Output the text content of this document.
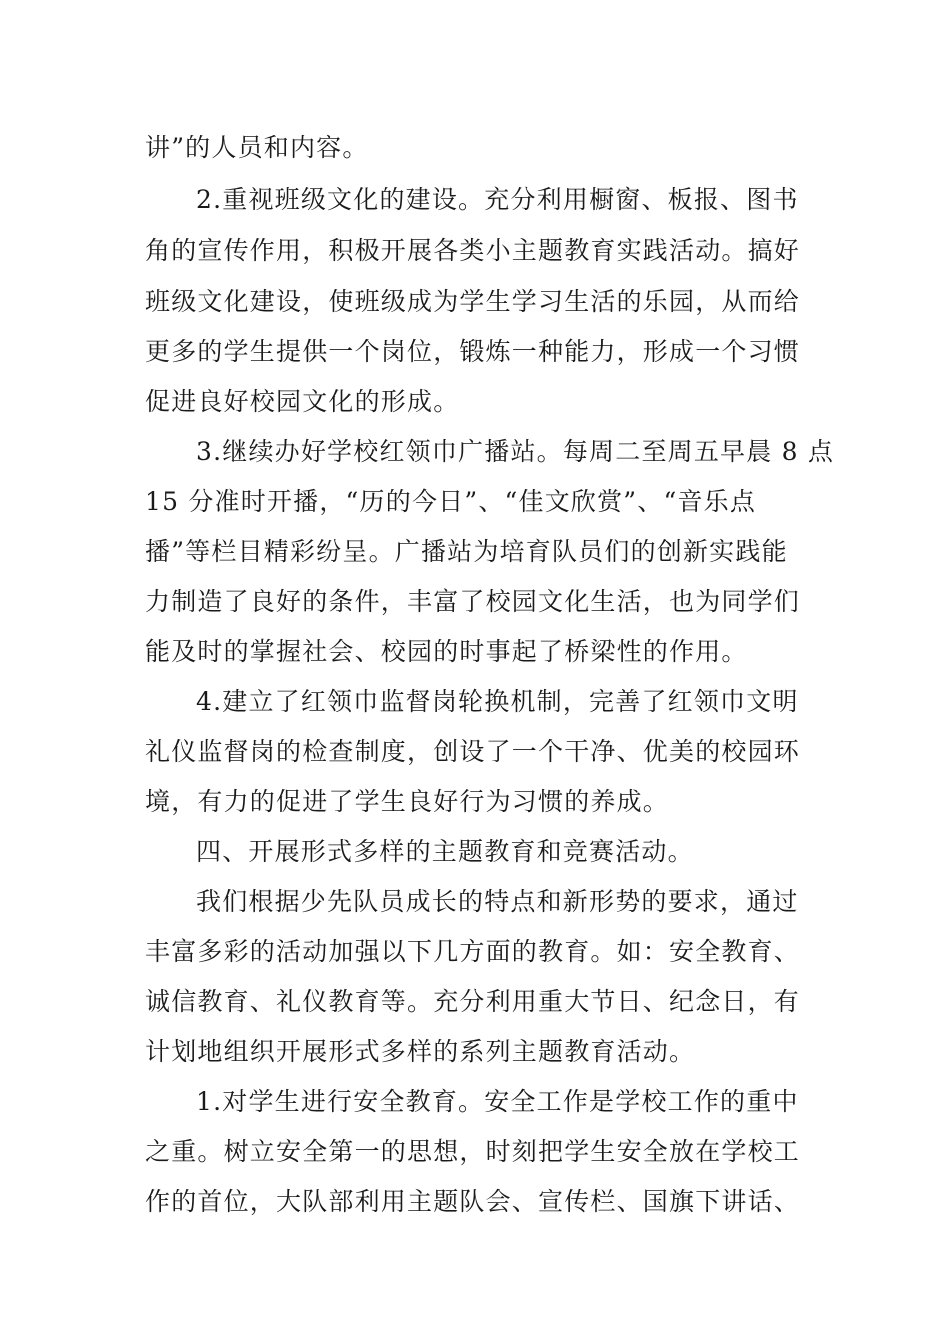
讲”的人员和内容。
2.重视班级文化的建设。充分利用橱窗、板报、图书
角的宣传作用，积极开展各类小主题教育实践活动。搞好
班级文化建设，使班级成为学生学习生活的乐园，从而给
更多的学生提供一个岗位，锻炼一种能力，形成一个习惯
促进良好校园文化的形成。
3.继续办好学校红领巾广播站。每周二至周五早晨 8 点
15 分准时开播，“历的今日”、“佳文欣赏”、“音乐点
播”等栏目精彩纷呈。广播站为培育队员们的创新实践能
力制造了良好的条件，丰富了校园文化生活，也为同学们
能及时的掌握社会、校园的时事起了桥梁性的作用。
4.建立了红领巾监督岗轮换机制，完善了红领巾文明
礼仪监督岗的检查制度，创设了一个干净、优美的校园环
境，有力的促进了学生良好行为习惯的养成。
四、开展形式多样的主题教育和竞赛活动。
我们根据少先队员成长的特点和新形势的要求，通过
丰富多彩的活动加强以下几方面的教育。如：安全教育、
诚信教育、礼仪教育等。充分利用重大节日、纪念日，有
计划地组织开展形式多样的系列主题教育活动。
1.对学生进行安全教育。安全工作是学校工作的重中
之重。树立安全第一的思想，时刻把学生安全放在学校工
作的首位，大队部利用主题队会、宣传栏、国旗下讲话、
